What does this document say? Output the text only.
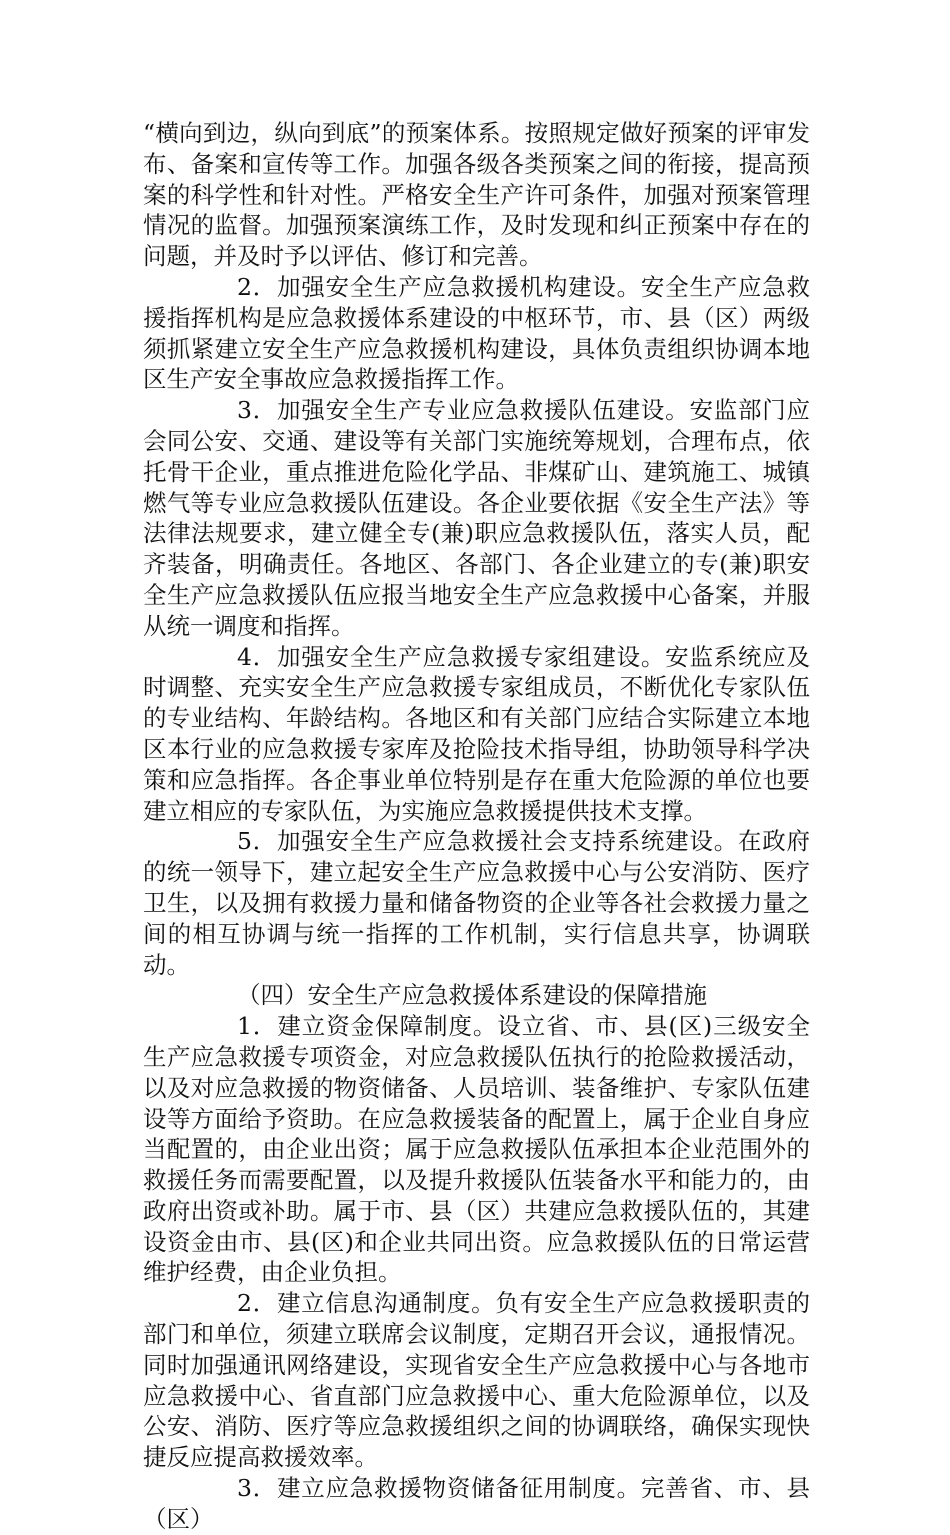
“横向到边，纵向到底”的预案体系。按照规定做好预案的评审发布、备案和宣传等工作。加强各级各类预案之间的衔接，提高预案的科学性和针对性。严格安全生产许可条件，加强对预案管理情况的监督。加强预案演练工作，及时发现和纠正预案中存在的问题，并及时予以评估、修订和完善。

2．加强安全生产应急救援机构建设。安全生产应急救援指挥机构是应急救援体系建设的中枢环节，市、县（区）两级须抓紧建立安全生产应急救援机构建设，具体负责组织协调本地区生产安全事故应急救援指挥工作。

3．加强安全生产专业应急救援队伍建设。安监部门应会同公安、交通、建设等有关部门实施统筹规划，合理布点，依托骨干企业，重点推进危险化学品、非煤矿山、建筑施工、城镇燃气等专业应急救援队伍建设。各企业要依据《安全生产法》等法律法规要求，建立健全专(兼)职应急救援队伍，落实人员，配齐装备，明确责任。各地区、各部门、各企业建立的专(兼)职安全生产应急救援队伍应报当地安全生产应急救援中心备案，并服从统一调度和指挥。

4．加强安全生产应急救援专家组建设。安监系统应及时调整、充实安全生产应急救援专家组成员，不断优化专家队伍的专业结构、年龄结构。各地区和有关部门应结合实际建立本地区本行业的应急救援专家库及抢险技术指导组，协助领导科学决策和应急指挥。各企事业单位特别是存在重大危险源的单位也要建立相应的专家队伍，为实施应急救援提供技术支撑。

5．加强安全生产应急救援社会支持系统建设。在政府的统一领导下，建立起安全生产应急救援中心与公安消防、医疗卫生，以及拥有救援力量和储备物资的企业等各社会救援力量之间的相互协调与统一指挥的工作机制，实行信息共享，协调联动。

（四）安全生产应急救援体系建设的保障措施

1．建立资金保障制度。设立省、市、县(区)三级安全生产应急救援专项资金，对应急救援队伍执行的抢险救援活动，以及对应急救援的物资储备、人员培训、装备维护、专家队伍建设等方面给予资助。在应急救援装备的配置上，属于企业自身应当配置的，由企业出资；属于应急救援队伍承担本企业范围外的救援任务而需要配置，以及提升救援队伍装备水平和能力的，由政府出资或补助。属于市、县（区）共建应急救援队伍的，其建设资金由市、县(区)和企业共同出资。应急救援队伍的日常运营维护经费，由企业负担。

2．建立信息沟通制度。负有安全生产应急救援职责的部门和单位，须建立联席会议制度，定期召开会议，通报情况。同时加强通讯网络建设，实现省安全生产应急救援中心与各地市应急救援中心、省直部门应急救援中心、重大危险源单位，以及公安、消防、医疗等应急救援组织之间的协调联络，确保实现快捷反应提高救援效率。

3．建立应急救援物资储备征用制度。完善省、市、县（区）
